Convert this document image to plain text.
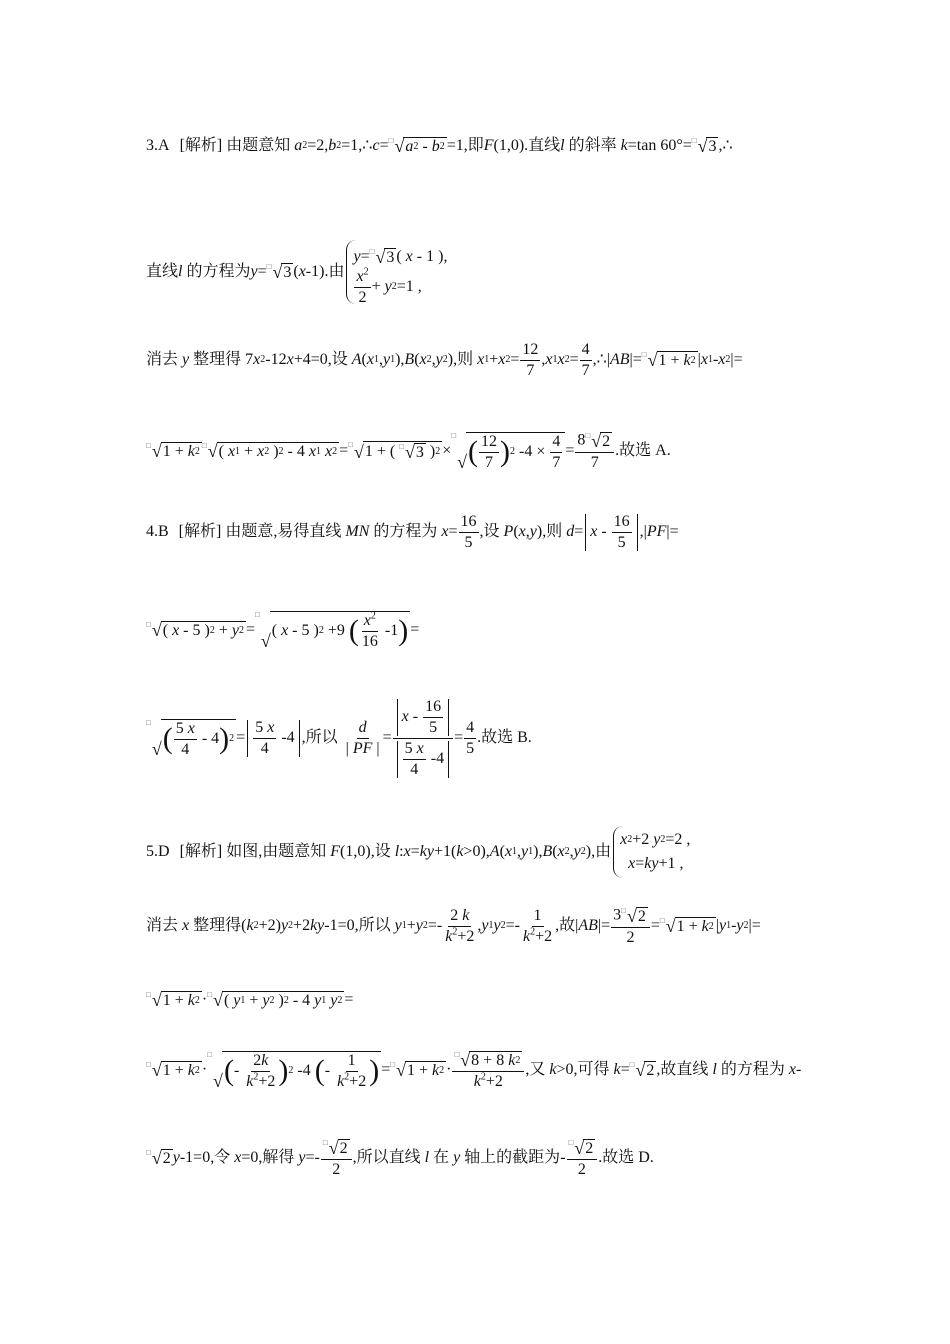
3.A [解析]
由题意知
a 2 =2, b 2 =1,∴ c = □ √ a 2 - b 2 =1,即 F (1,0). 直线 l
的斜率
k =tan 60°= □ √ 3 ,∴
直线 l
的方程为 y = □ √ 3 ( x -1).由
y = □ √ 3 ( x - 1 ),
$\frac{x^2}{2} + y$ 2 =1 ,
消去
y
整理得 7 x 2 -12 x +4=0, 设
A ( x 1 , y 1 ), B ( x 2 , y 2 ), 则
x 1 + x $2 = \frac{12}{7}$ , x 1 x $2 = \frac{4}{7}$ ,∴| AB |= □ √ 1 + k 2 | x 1 - x 2 |=
□ √ 1 + k 2
□ √ ( x 1 + x 2 ) 2 - 4 x 1
x 2 = □ √ 1 + ( □ √ 3 ) 2 ×
□
√ ( $\frac{12}{7}$ ) 2 $-4 \times \frac{4}{7} = \frac{8 □ √ 2}{7}$ .故选 A.
4.B [解析]
由题意,易得直线
MN
的方程为
$x = \frac{16}{5}$ , 设
P ( x , y ), 则
$d = x - \frac{16}{5}$ ,| PF |=
□ √ ( x - 5 ) 2 + y 2 =
□
√ ( x - 5 ) 2 +9 ( $\frac{x^2}{16} -1$ ) =
□
√ ( $\frac{5 x}{4} - 4$ ) $2 = \frac{5 x}{4} -4$ , 所以 $\frac{d}{| PF |} = \frac{x - \frac{16}{5}}{\frac{5 x}{4} -4} = \frac{4}{5}$ .故选 B.
5.D [解析]
如图,由题意知
F (1,0), 设
l : x = ky +1( k >0), A ( x 1 , y 1 ), B ( x 2 , y 2 ),由
x 2 +2 y 2 =2 ,

x = ky +1 ,
消去
x
整理得 ( k 2 +2) y 2 +2 ky -1=0, 所以
y 1 + y $2 =- \frac{2 k}{k^2+2}$ , y 1 y $2 =- \frac{1}{k^2+2}$ , 故 | AB |= $\frac{3 □ √ 2}{2}$ = □ √ 1 + k 2 | y 1 - y 2 |=
□ √ 1 + k 2 · □ √ ( y 1 + y 2 ) 2 - 4 y 1
y 2 =
□ √ 1 + k 2 ·
□
√ ( - $\frac{2k}{k^2+2}$ ) 2 -4 ( - $\frac{1}{k^2+2}$ ) = □ √ 1 + k $2 \cdot \frac{□ √ 8 + 8 k 2}{k^2+2}$ , 又
k >0, 可得
k = □ √ 2 , 故直线
l
的方程为
x -
□ √ 2 y -1=0, 令
x =0, 解得
$y =- \frac{□ √ 2}{2}$ , 所以直线
l
在
y
轴上的截距为 - $\frac{□ √ 2}{2}$ .故选 D.
